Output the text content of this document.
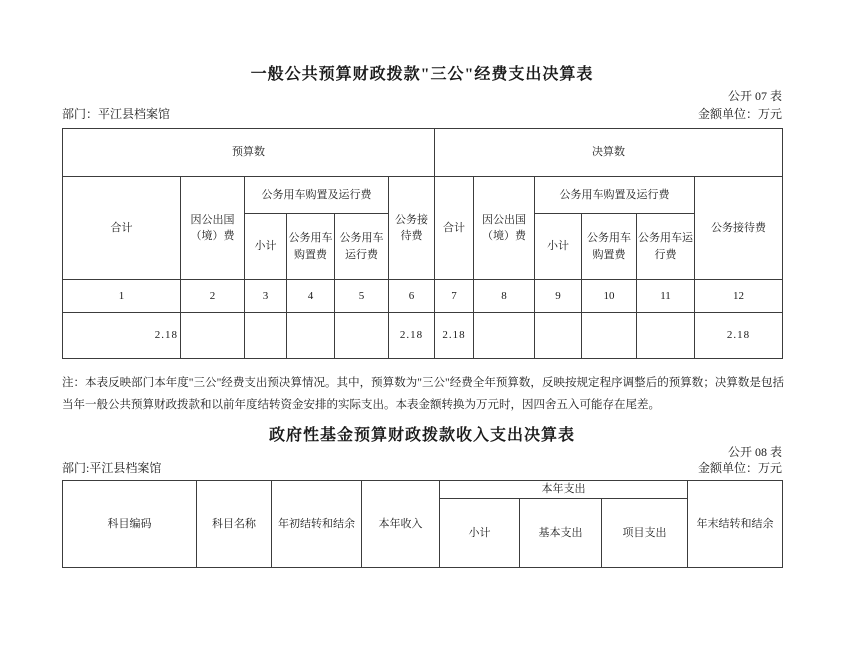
一般公共预算财政拨款"三公"经费支出决算表
公开 07 表
部门：平江县档案馆	金额单位：万元
预算数						决算数					
合计	因公出国（境）费	公务用车购置及运行费			公务接待费	合计	因公出国（境）费	公务用车购置及运行费			公务接待费
		小计	公务用车购置费	公务用车运行费				小计	公务用车购置费	公务用车运行费	
1	2	3	4	5	6	7	8	9	10	11	12
2.18					2.18	2.18					2.18
注：本表反映部门本年度"三公"经费支出预决算情况。其中，预算数为"三公"经费全年预算数，反映按规定程序调整后的预算数；决算数是包括当年一般公共预算财政拨款和以前年度结转资金安排的实际支出。本表金额转换为万元时，因四舍五入可能存在尾差。
政府性基金预算财政拨款收入支出决算表
公开 08 表
部门:平江县档案馆	金额单位：万元
科目编码	科目名称	年初结转和结余	本年收入	本年支出			年末结转和结余
				小计	基本支出	项目支出	
